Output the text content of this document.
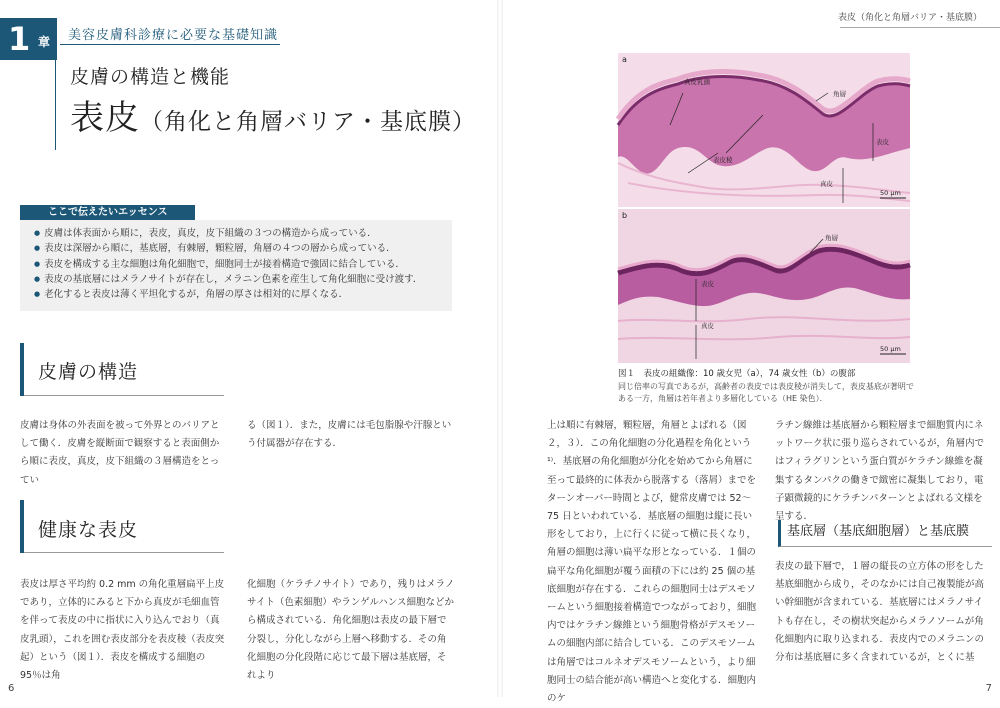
1 章 美容皮膚科診療に必要な基礎知識
皮膚の構造と機能
表皮（角化と角層バリア・基底膜）
ここで伝えたいエッセンス
● 皮膚は体表面から順に，表皮，真皮，皮下組織の３つの構造から成っている．
● 表皮は深層から順に，基底層，有棘層，顆粒層，角層の４つの層から成っている．
● 表皮を構成する主な細胞は角化細胞で，細胞同士が接着構造で強固に結合している．
● 表皮の基底層にはメラノサイトが存在し，メラニン色素を産生して角化細胞に受け渡す．
● 老化すると表皮は薄く平坦化するが，角層の厚さは相対的に厚くなる．
皮膚の構造

皮膚は身体の外表面を被って外界とのバリアとして働く．皮膚を縦断面で観察すると表面側から順に表皮，真皮，皮下組織の３層構造をとってい

る（図１）．また，皮膚には毛包脂腺や汗腺という付属器が存在する．

健康な表皮

表皮は厚さ平均約 0.2 mm の角化重層扁平上皮であり，立体的にみると下から真皮が毛細血管を伴って表皮の中に指状に入り込んでおり（真皮乳頭），これを囲む表皮部分を表皮稜（表皮突起）という（図１）．表皮を構成する細胞の 95％は角

化細胞（ケラチノサイト）であり，残りはメラノサイト（色素細胞）やランゲルハンス細胞などから構成されている．角化細胞は表皮の最下層で分裂し，分化しながら上層へ移動する．その角化細胞の分化段階に応じて最下層は基底層，それより

6
表皮（角化と角層バリア・基底膜）
a
真皮乳頭
角層
表皮
表皮稜
真皮
50 μm
b
角層
表皮
真皮
50 μm
図１　表皮の組織像：10 歳女児（a），74 歳女性（b）の腹部

同じ倍率の写真であるが，高齢者の表皮では表皮稜が消失して，表皮基底が著明である一方，角層は若年者より多層化している（HE 染色）．

上は順に有棘層，顆粒層，角層とよばれる（図２，３）．この角化細胞の分化過程を角化という¹⁾．基底層の角化細胞が分化を始めてから角層に至って最終的に体表から脱落する（落屑）までをターンオーバー時間とよび，健常皮膚では 52〜75 日といわれている．基底層の細胞は縦に長い形をしており，上に行くに従って横に長くなり，角層の細胞は薄い扁平な形となっている．１個の扁平な角化細胞が覆う面積の下には約 25 個の基底細胞が存在する．これらの細胞同士はデスモソームという細胞接着構造でつながっており，細胞内ではケラチン線維という細胞骨格がデスモソームの細胞内部に結合している．このデスモソームは角層ではコルネオデスモソームという，より細胞同士の結合能が高い構造へと変化する．細胞内のケ

ラチン線維は基底層から顆粒層まで細胞質内にネットワーク状に張り巡らされているが，角層内ではフィラグリンという蛋白質がケラチン線維を凝集するタンパクの働きで緻密に凝集しており，電子顕微鏡的にケラチンパターンとよばれる文様を呈する．

基底層（基底細胞層）と基底膜

表皮の最下層で，１層の縦長の立方体の形をした基底細胞から成り，そのなかには自己複製能が高い幹細胞が含まれている．基底層にはメラノサイトも存在し，その樹状突起からメラノソームが角化細胞内に取り込まれる．表皮内でのメラニンの分布は基底層に多く含まれているが，とくに基

7
